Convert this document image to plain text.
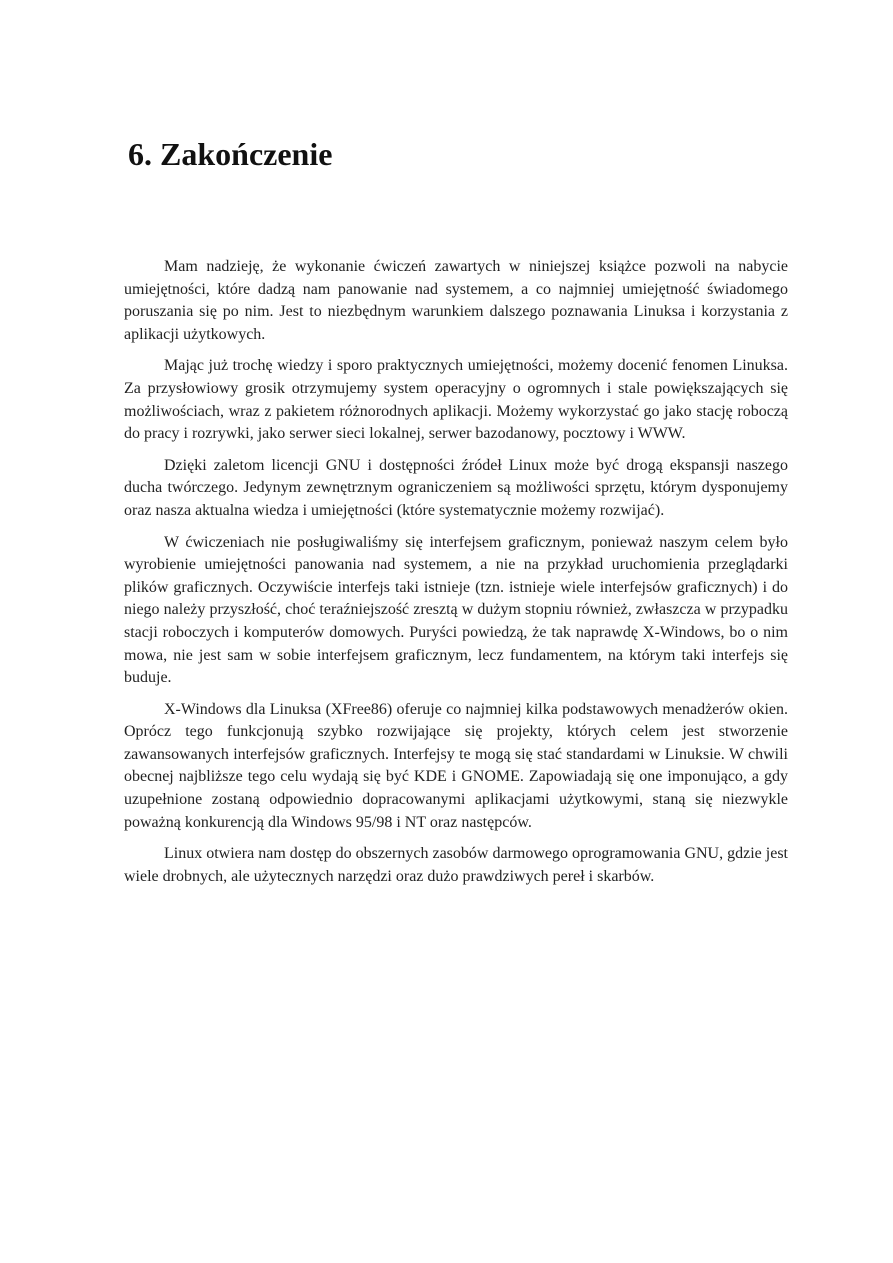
6. Zakończenie

Mam nadzieję, że wykonanie ćwiczeń zawartych w niniejszej książce pozwoli na nabycie umiejętności, które dadzą nam panowanie nad systemem, a co najmniej umiejętność świadomego poruszania się po nim. Jest to niezbędnym warunkiem dalszego poznawania Linuksa i korzystania z aplikacji użytkowych.

Mając już trochę wiedzy i sporo praktycznych umiejętności, możemy docenić fenomen Linuksa. Za przysłowiowy grosik otrzymujemy system operacyjny o ogromnych i stale powiększających się możliwościach, wraz z pakietem różnorodnych aplikacji. Możemy wykorzystać go jako stację roboczą do pracy i rozrywki, jako serwer sieci lokalnej, serwer bazodanowy, pocztowy i WWW.

Dzięki zaletom licencji GNU i dostępności źródeł Linux może być drogą ekspansji naszego ducha twórczego. Jedynym zewnętrznym ograniczeniem są możliwości sprzętu, którym dysponujemy oraz nasza aktualna wiedza i umiejętności (które systematycznie możemy rozwijać).

W ćwiczeniach nie posługiwaliśmy się interfejsem graficznym, ponieważ naszym celem było wyrobienie umiejętności panowania nad systemem, a nie na przykład uruchomienia przeglądarki plików graficznych. Oczywiście interfejs taki istnieje (tzn. istnieje wiele interfejsów graficznych) i do niego należy przyszłość, choć teraźniejszość zresztą w dużym stopniu również, zwłaszcza w przypadku stacji roboczych i komputerów domowych. Puryści powiedzą, że tak naprawdę X-Windows, bo o nim mowa, nie jest sam w sobie interfejsem graficznym, lecz fundamentem, na którym taki interfejs się buduje.

X-Windows dla Linuksa (XFree86) oferuje co najmniej kilka podstawowych menadżerów okien. Oprócz tego funkcjonują szybko rozwijające się projekty, których celem jest stworzenie zawansowanych interfejsów graficznych. Interfejsy te mogą się stać standardami w Linuksie. W chwili obecnej najbliższe tego celu wydają się być KDE i GNOME. Zapowiadają się one imponująco, a gdy uzupełnione zostaną odpowiednio dopracowanymi aplikacjami użytkowymi, staną się niezwykle poważną konkurencją dla Windows 95/98 i NT oraz następców.

Linux otwiera nam dostęp do obszernych zasobów darmowego oprogramowania GNU, gdzie jest wiele drobnych, ale użytecznych narzędzi oraz dużo prawdziwych pereł i skarbów.
